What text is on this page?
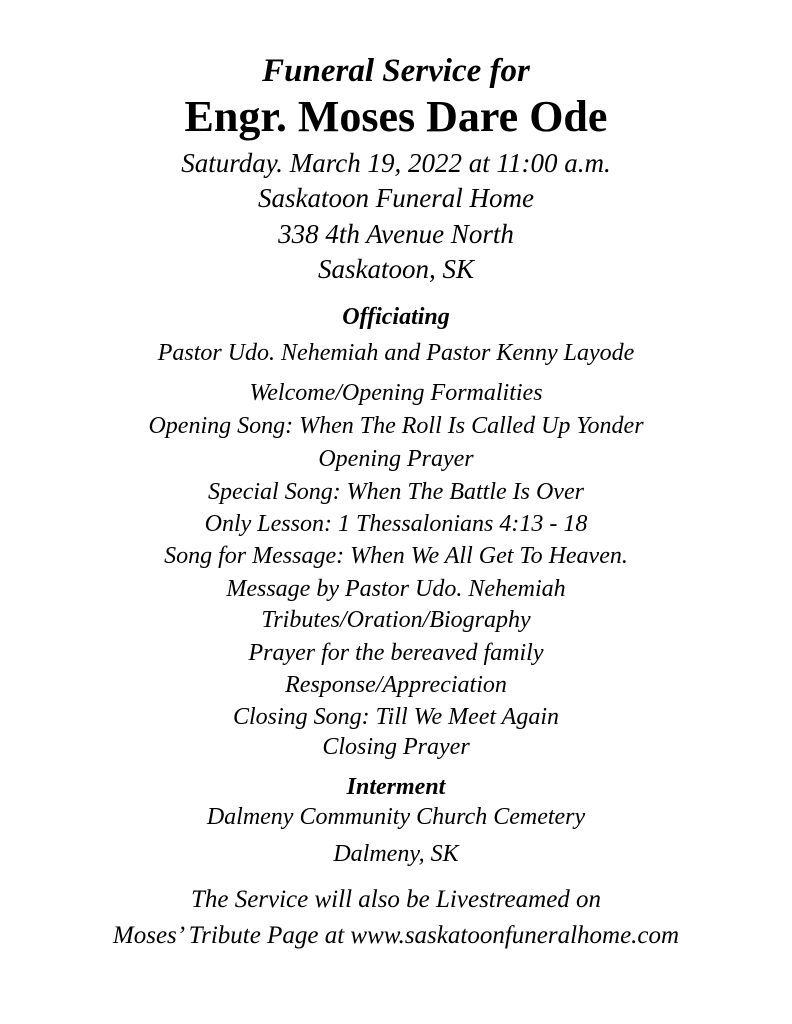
Funeral Service for
Engr. Moses Dare Ode
Saturday. March 19, 2022 at 11:00 a.m.
Saskatoon Funeral Home
338 4th Avenue North
Saskatoon, SK
Officiating
Pastor Udo. Nehemiah and Pastor Kenny Layode
Welcome/Opening Formalities
Opening Song: When The Roll Is Called Up Yonder
Opening Prayer
Special Song: When The Battle Is Over
Only Lesson: 1 Thessalonians 4:13 - 18
Song for Message: When We All Get To Heaven.
Message by Pastor Udo. Nehemiah
Tributes/Oration/Biography
Prayer for the bereaved family
Response/Appreciation
Closing Song: Till We Meet Again
Closing Prayer
Interment
Dalmeny Community Church Cemetery
Dalmeny, SK
The Service will also be Livestreamed on
Moses’ Tribute Page at www.saskatoonfuneralhome.com
